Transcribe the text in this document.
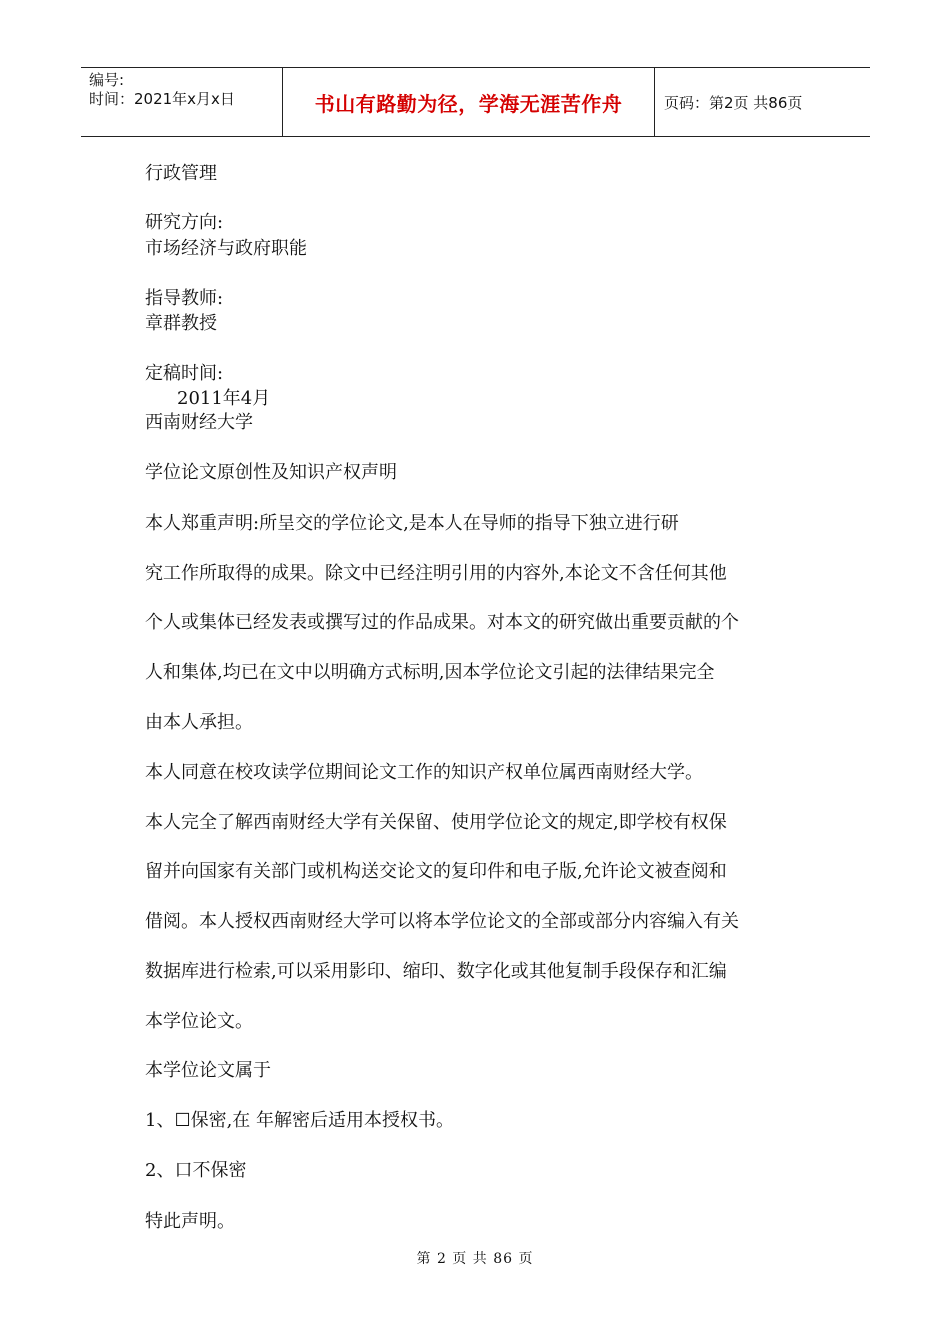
编号:
时间：2021年x月x日	书山有路勤为径，学海无涯苦作舟	页码：第2页 共86页
行政管理
研究方向:
市场经济与政府职能
指导教师:
章群教授
定稿时间:
2011年4月
西南财经大学
学位论文原创性及知识产权声明
本人郑重声明:所呈交的学位论文,是本人在导师的指导下独立进行研
究工作所取得的成果。除文中已经注明引用的内容外,本论文不含任何其他
个人或集体已经发表或撰写过的作品成果。对本文的研究做出重要贡献的个
人和集体,均已在文中以明确方式标明,因本学位论文引起的法律结果完全
由本人承担。
本人同意在校攻读学位期间论文工作的知识产权单位属西南财经大学。
本人完全了解西南财经大学有关保留、使用学位论文的规定,即学校有权保
留并向国家有关部门或机构送交论文的复印件和电子版,允许论文被查阅和
借阅。本人授权西南财经大学可以将本学位论文的全部或部分内容编入有关
数据库进行检索,可以采用影印、缩印、数字化或其他复制手段保存和汇编
本学位论文。
本学位论文属于
1、☐保密,在 年解密后适用本授权书。
2、口不保密
特此声明。
第 2 页 共 86 页
